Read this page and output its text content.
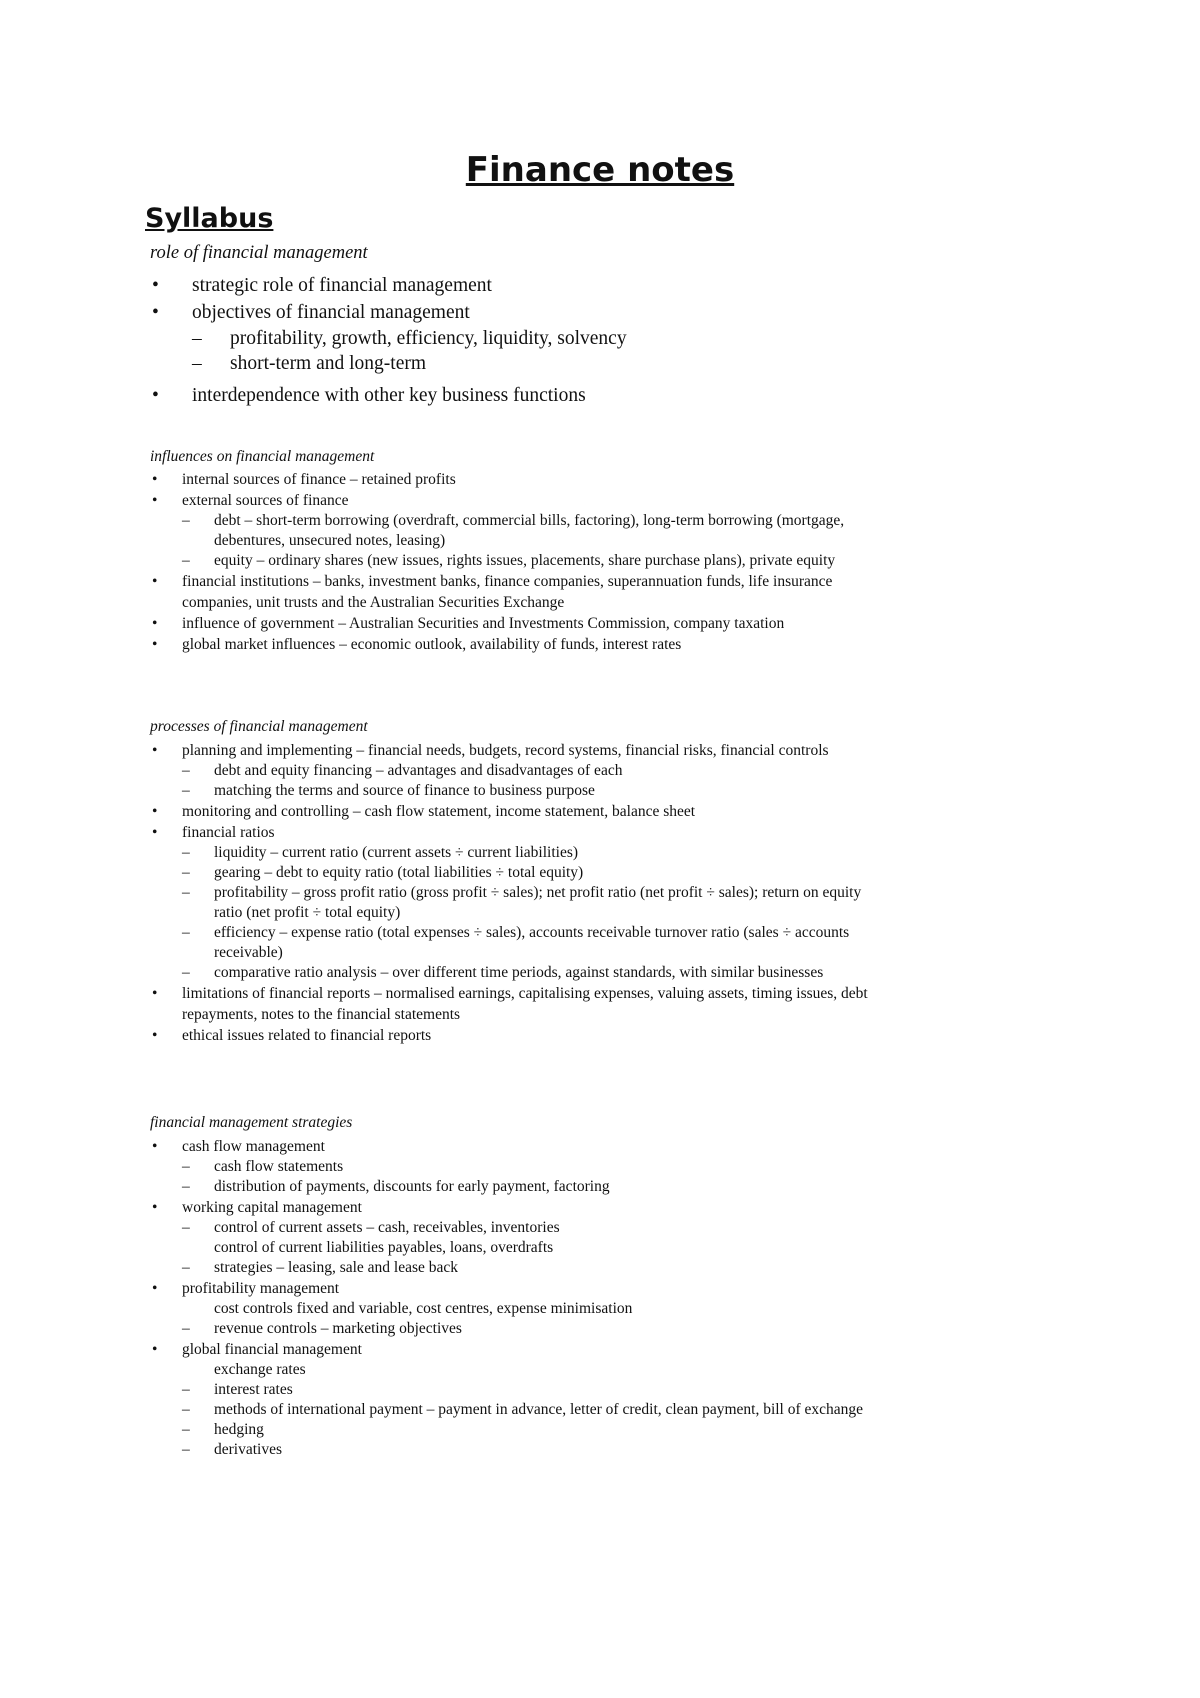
Finance notes
Syllabus

role of financial management

• strategic role of financial management
• objectives of financial management
– profitability, growth, efficiency, liquidity, solvency
– short-term and long-term
• interdependence with other key business functions

influences on financial management

• internal sources of finance – retained profits
• external sources of finance
– debt – short-term borrowing (overdraft, commercial bills, factoring), long-term borrowing (mortgage, debentures, unsecured notes, leasing)
– equity – ordinary shares (new issues, rights issues, placements, share purchase plans), private equity
• financial institutions – banks, investment banks, finance companies, superannuation funds, life insurance companies, unit trusts and the Australian Securities Exchange
• influence of government – Australian Securities and Investments Commission, company taxation
• global market influences – economic outlook, availability of funds, interest rates

processes of financial management

• planning and implementing – financial needs, budgets, record systems, financial risks, financial controls
– debt and equity financing – advantages and disadvantages of each
– matching the terms and source of finance to business purpose
• monitoring and controlling – cash flow statement, income statement, balance sheet
• financial ratios
– liquidity – current ratio (current assets ÷ current liabilities)
– gearing – debt to equity ratio (total liabilities ÷ total equity)
– profitability – gross profit ratio (gross profit ÷ sales); net profit ratio (net profit ÷ sales); return on equity ratio (net profit ÷ total equity)
– efficiency – expense ratio (total expenses ÷ sales), accounts receivable turnover ratio (sales ÷ accounts receivable)
– comparative ratio analysis – over different time periods, against standards, with similar businesses
• limitations of financial reports – normalised earnings, capitalising expenses, valuing assets, timing issues, debt repayments, notes to the financial statements
• ethical issues related to financial reports

financial management strategies

• cash flow management
– cash flow statements
– distribution of payments, discounts for early payment, factoring
• working capital management
– control of current assets – cash, receivables, inventories
control of current liabilities payables, loans, overdrafts
– strategies – leasing, sale and lease back
• profitability management
cost controls fixed and variable, cost centres, expense minimisation
– revenue controls – marketing objectives
• global financial management
exchange rates
– interest rates
– methods of international payment – payment in advance, letter of credit, clean payment, bill of exchange
– hedging
– derivatives
